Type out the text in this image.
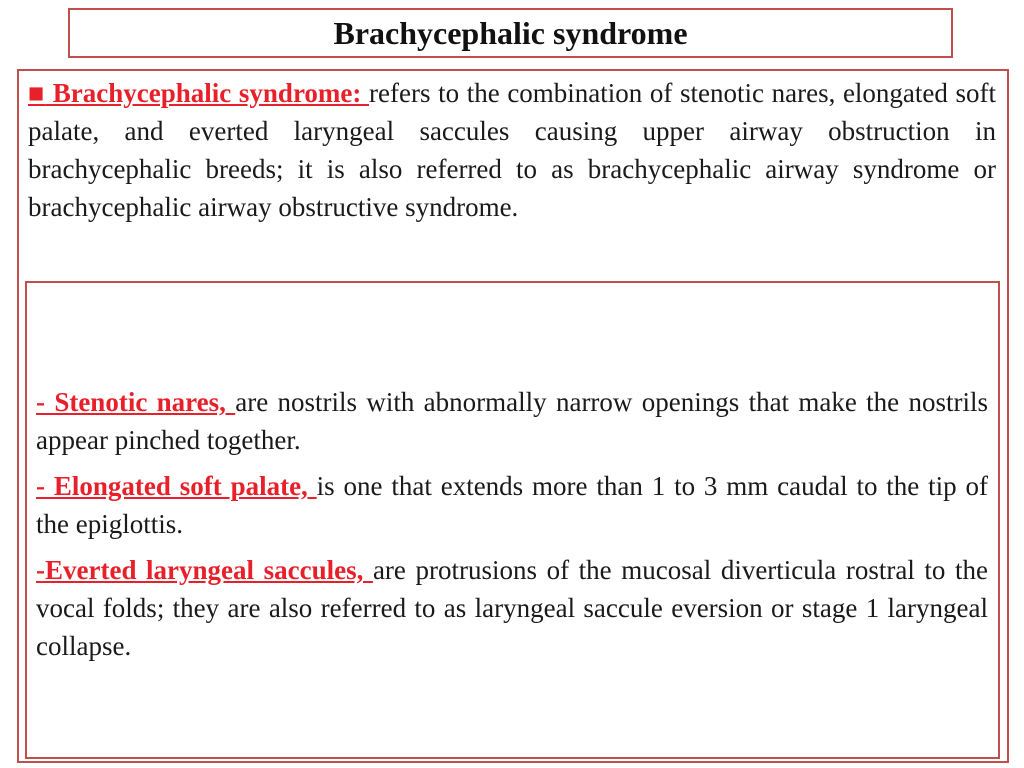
Brachycephalic syndrome

■ Brachycephalic syndrome: refers to the combination of stenotic nares, elongated soft palate, and everted laryngeal saccules causing upper airway obstruction in brachycephalic breeds; it is also referred to as brachycephalic airway syndrome or brachycephalic airway obstructive syndrome.

- Stenotic nares, are nostrils with abnormally narrow openings that make the nostrils appear pinched together.

- Elongated soft palate, is one that extends more than 1 to 3 mm caudal to the tip of the epiglottis.

-Everted laryngeal saccules, are protrusions of the mucosal diverticula rostral to the vocal folds; they are also referred to as laryngeal saccule eversion or stage 1 laryngeal collapse.
